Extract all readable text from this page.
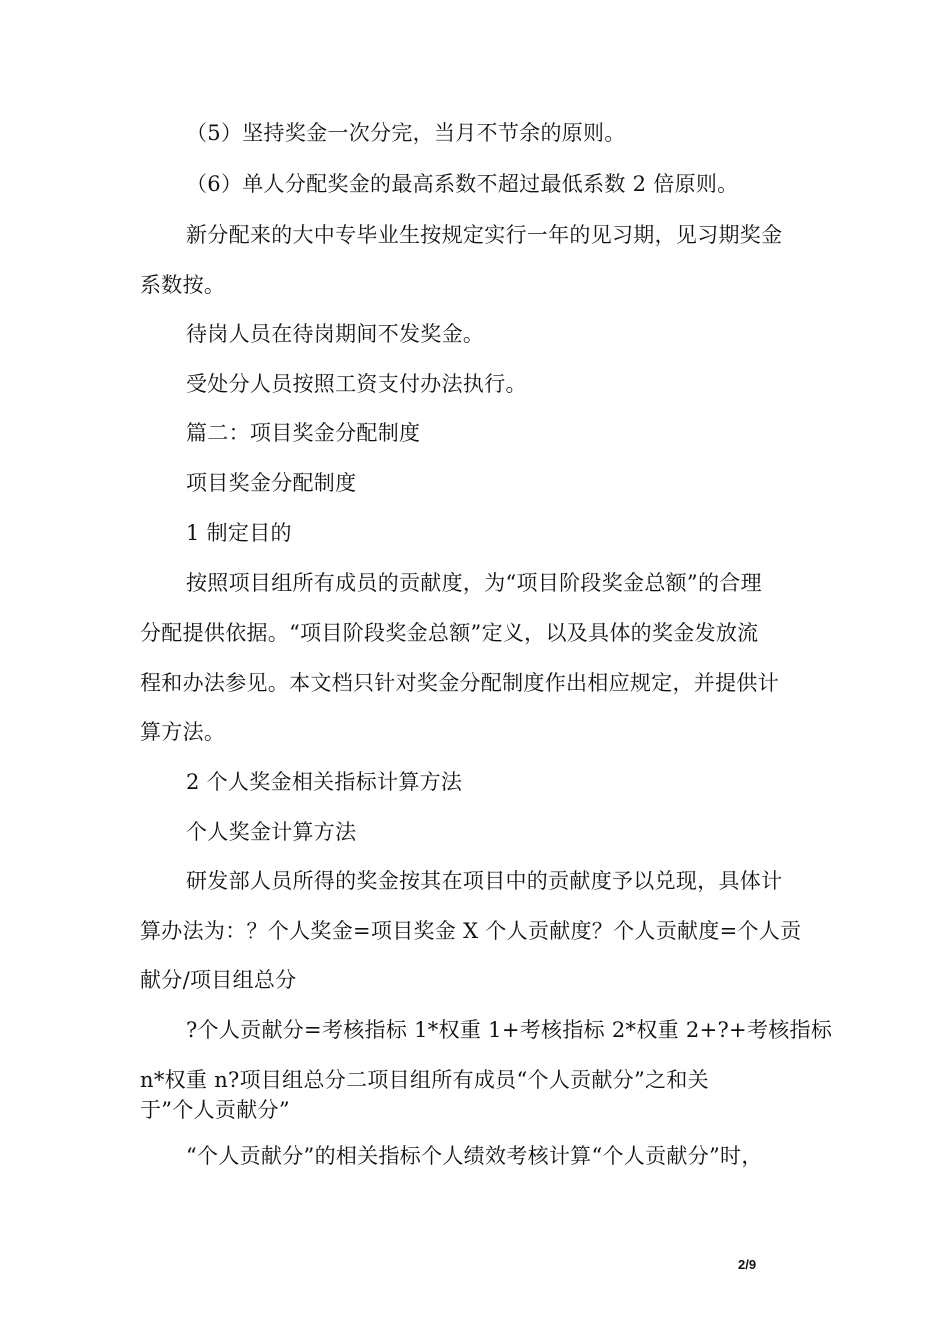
（5）坚持奖金一次分完，当月不节余的原则。
（6）单人分配奖金的最高系数不超过最低系数 2 倍原则。
新分配来的大中专毕业生按规定实行一年的见习期，见习期奖金
系数按。
待岗人员在待岗期间不发奖金。
受处分人员按照工资支付办法执行。
篇二：项目奖金分配制度
项目奖金分配制度
1 制定目的
按照项目组所有成员的贡献度，为“项目阶段奖金总额”的合理
分配提供依据。“项目阶段奖金总额”定义，以及具体的奖金发放流
程和办法参见。本文档只针对奖金分配制度作出相应规定，并提供计
算方法。
2 个人奖金相关指标计算方法
个人奖金计算方法
研发部人员所得的奖金按其在项目中的贡献度予以兑现，具体计
算办法为：？个人奖金=项目奖金 X 个人贡献度？个人贡献度=个人贡
献分/项目组总分
?个人贡献分=考核指标 1*权重 1+考核指标 2*权重 2+?+考核指标
n*权重 n?项目组总分二项目组所有成员“个人贡献分”之和关
于”个人贡献分”
“个人贡献分”的相关指标个人绩效考核计算“个人贡献分”时，
2/9
